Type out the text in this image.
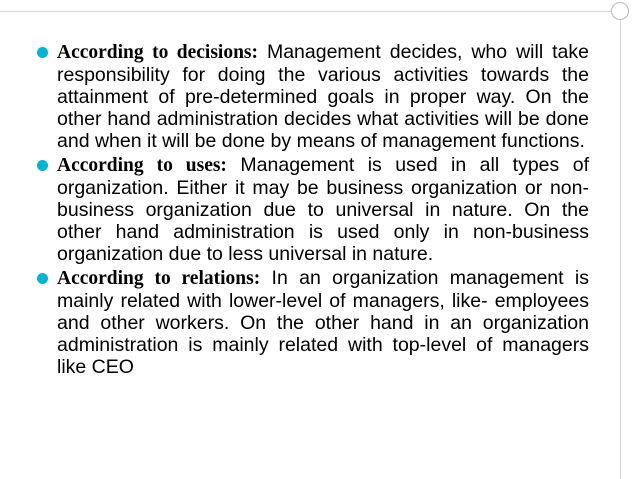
According to decisions: Management decides, who will take responsibility for doing the various activities towards the attainment of pre-determined goals in proper way. On the other hand administration decides what activities will be done and when it will be done by means of management functions.

According to uses: Management is used in all types of organization. Either it may be business organization or non-business organization due to universal in nature. On the other hand administration is used only in non-business organization due to less universal in nature.

According to relations: In an organization management is mainly related with lower-level of managers, like- employees and other workers. On the other hand in an organization administration is mainly related with top-level of managers like CEO
